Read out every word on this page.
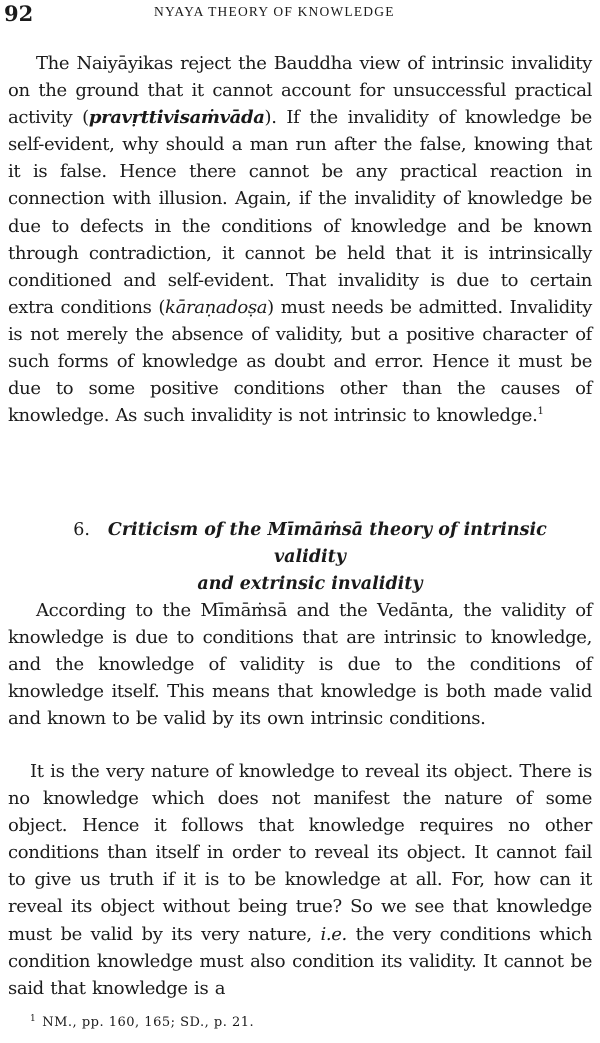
92	NYAYA THEORY OF KNOWLEDGE

The Naiyāyikas reject the Bauddha view of intrinsic invalidity on the ground that it cannot account for unsuccessful practical activity (pravṛttivisaṁvāda). If the invalidity of knowledge be self-evident, why should a man run after the false, knowing that it is false. Hence there cannot be any practical reaction in connection with illusion. Again, if the invalidity of knowledge be due to defects in the conditions of knowledge and be known through contradiction, it cannot be held that it is intrinsically conditioned and self-evident. That invalidity is due to certain extra conditions (kāraṇadoṣa) must needs be admitted. Invalidity is not merely the absence of validity, but a positive character of such forms of knowledge as doubt and error. Hence it must be due to some positive conditions other than the causes of knowledge. As such invalidity is not intrinsic to knowledge.$^1$

6. Criticism of the Mīmāṁsā theory of intrinsic validity
and extrinsic invalidity

According to the Mīmāṁsā and the Vedānta, the validity of knowledge is due to conditions that are intrinsic to knowledge, and the knowledge of validity is due to the conditions of knowledge itself. This means that knowledge is both made valid and known to be valid by its own intrinsic conditions.

It is the very nature of knowledge to reveal its object. There is no knowledge which does not manifest the nature of some object. Hence it follows that knowledge requires no other conditions than itself in order to reveal its object. It cannot fail to give us truth if it is to be knowledge at all. For, how can it reveal its object without being true? So we see that knowledge must be valid by its very nature, i.e. the very conditions which condition knowledge must also condition its validity. It cannot be said that knowledge is a

$^1$ NM., pp. 160, 165; SD., p. 21.
